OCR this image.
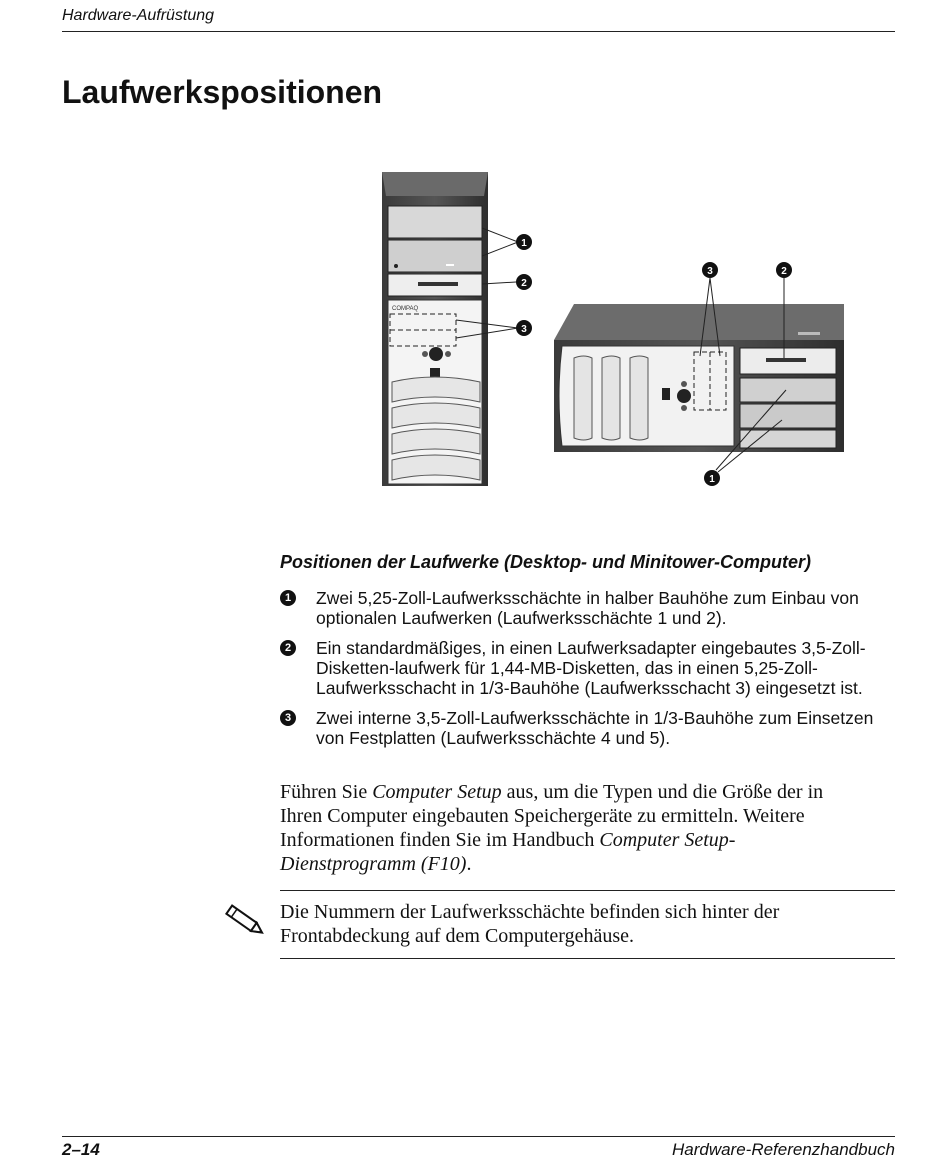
Hardware-Aufrüstung
Laufwerkspositionen
COMPAQ
1
2
3
3	2
1

Positionen der Laufwerke (Desktop- und Minitower-Computer)

1 Zwei 5,25-Zoll-Laufwerksschächte in halber Bauhöhe zum Einbau von optionalen Laufwerken (Laufwerksschächte 1 und 2).
2 Ein standardmäßiges, in einen Laufwerksadapter eingebautes 3,5-Zoll-Disketten-laufwerk für 1,44-MB-Disketten, das in einen 5,25-Zoll-Laufwerksschacht in 1/3-Bauhöhe (Laufwerksschacht 3) eingesetzt ist.
3 Zwei interne 3,5-Zoll-Laufwerksschächte in 1/3-Bauhöhe zum Einsetzen von Festplatten (Laufwerksschächte 4 und 5).

Führen Sie Computer Setup aus, um die Typen und die Größe der in Ihren Computer eingebauten Speichergeräte zu ermitteln. Weitere Informationen finden Sie im Handbuch Computer Setup-Dienstprogramm (F10).

Die Nummern der Laufwerksschächte befinden sich hinter der Frontabdeckung auf dem Computergehäuse.

2–14	Hardware-Referenzhandbuch
